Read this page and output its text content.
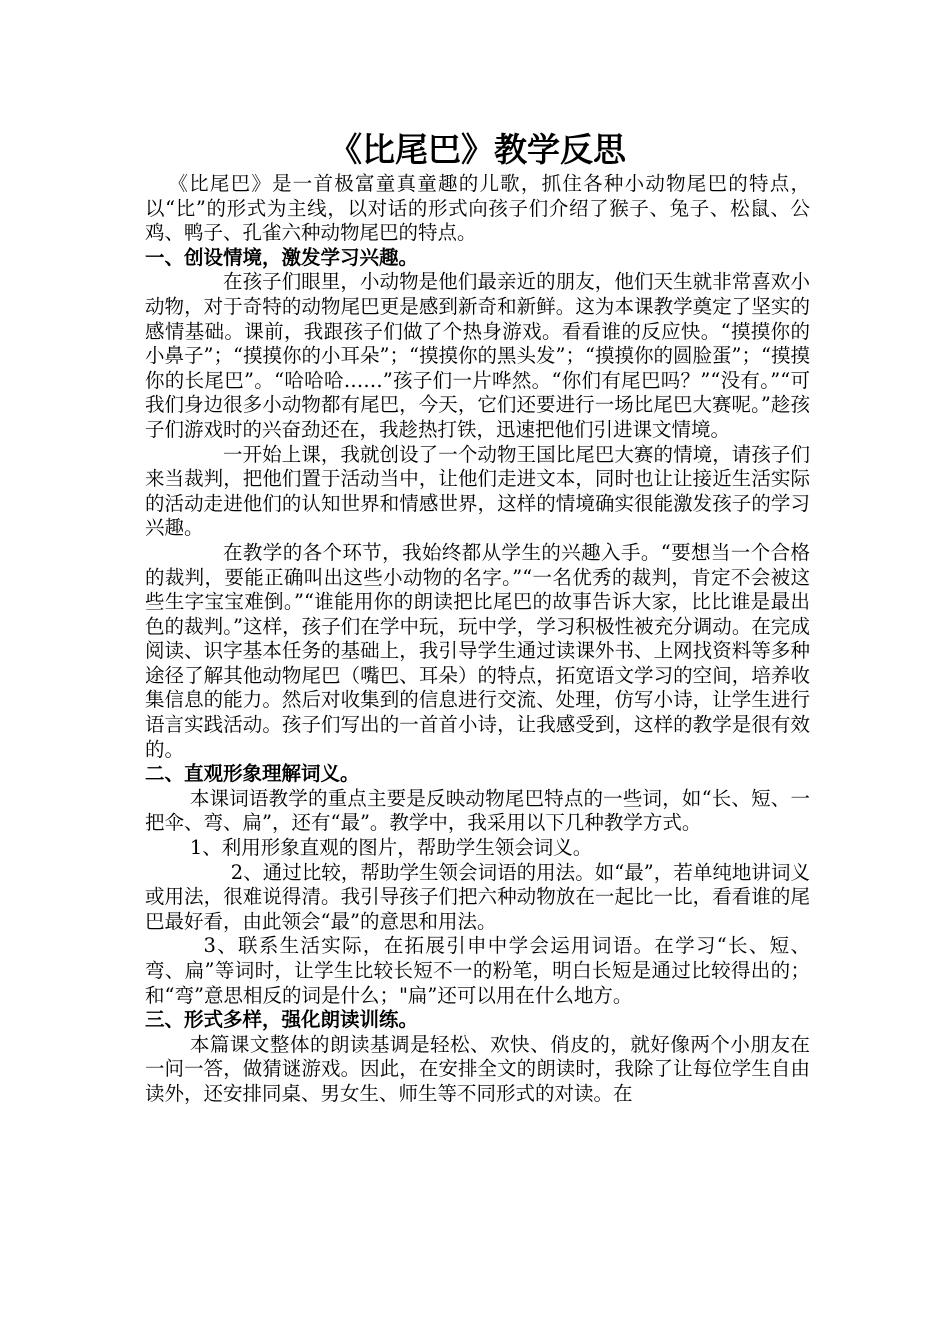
《比尾巴》教学反思

《比尾巴》是一首极富童真童趣的儿歌，抓住各种小动物尾巴的特点，以“比”的形式为主线，以对话的形式向孩子们介绍了猴子、兔子、松鼠、公鸡、鸭子、孔雀六种动物尾巴的特点。

一、创设情境，激发学习兴趣。

在孩子们眼里，小动物是他们最亲近的朋友，他们天生就非常喜欢小动物，对于奇特的动物尾巴更是感到新奇和新鲜。这为本课教学奠定了坚实的感情基础。课前，我跟孩子们做了个热身游戏。看看谁的反应快。“摸摸你的小鼻子”；“摸摸你的小耳朵”；“摸摸你的黑头发”；“摸摸你的圆脸蛋”；“摸摸你的长尾巴”。“哈哈哈……”孩子们一片哗然。“你们有尾巴吗？”“没有。”“可我们身边很多小动物都有尾巴，今天，它们还要进行一场比尾巴大赛呢。”趁孩子们游戏时的兴奋劲还在，我趁热打铁，迅速把他们引进课文情境。

一开始上课，我就创设了一个动物王国比尾巴大赛的情境，请孩子们来当裁判，把他们置于活动当中，让他们走进文本，同时也让让接近生活实际的活动走进他们的认知世界和情感世界，这样的情境确实很能激发孩子的学习兴趣。

在教学的各个环节，我始终都从学生的兴趣入手。“要想当一个合格的裁判，要能正确叫出这些小动物的名字。”“一名优秀的裁判，肯定不会被这些生字宝宝难倒。”“谁能用你的朗读把比尾巴的故事告诉大家，比比谁是最出色的裁判。”这样，孩子们在学中玩，玩中学，学习积极性被充分调动。在完成阅读、识字基本任务的基础上，我引导学生通过读课外书、上网找资料等多种途径了解其他动物尾巴（嘴巴、耳朵）的特点，拓宽语文学习的空间，培养收集信息的能力。然后对收集到的信息进行交流、处理，仿写小诗，让学生进行语言实践活动。孩子们写出的一首首小诗，让我感受到，这样的教学是很有效的。

二、直观形象理解词义。

本课词语教学的重点主要是反映动物尾巴特点的一些词，如“长、短、一把伞、弯、扁”，还有“最”。教学中，我采用以下几种教学方式。

1、利用形象直观的图片，帮助学生领会词义。

2、通过比较，帮助学生领会词语的用法。如“最”，若单纯地讲词义或用法，很难说得清。我引导孩子们把六种动物放在一起比一比，看看谁的尾巴最好看，由此领会“最”的意思和用法。

3、联系生活实际，在拓展引申中学会运用词语。在学习“长、短、弯、扁”等词时，让学生比较长短不一的粉笔，明白长短是通过比较得出的；和“弯”意思相反的词是什么；"扁”还可以用在什么地方。

三、形式多样，强化朗读训练。

本篇课文整体的朗读基调是轻松、欢快、俏皮的，就好像两个小朋友在一问一答，做猜谜游戏。因此，在安排全文的朗读时，我除了让每位学生自由读外，还安排同桌、男女生、师生等不同形式的对读。在
